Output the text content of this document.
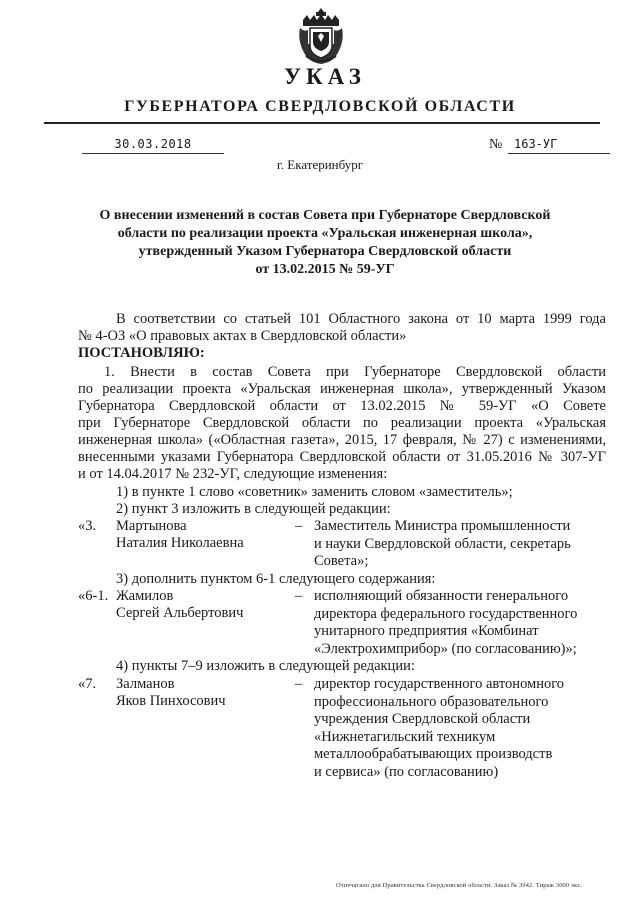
УКАЗ
ГУБЕРНАТОРА СВЕРДЛОВСКОЙ ОБЛАСТИ
30.03.2018	№ 163-УГ
г. Екатеринбург
О внесении изменений в состав Совета при Губернаторе Свердловской
области по реализации проекта «Уральская инженерная школа»,
утвержденный Указом Губернатора Свердловской области
от 13.02.2015 № 59-УГ
В соответствии со статьей 101 Областного закона от 10 марта 1999 года
№ 4-ОЗ «О правовых актах в Свердловской области»
ПОСТАНОВЛЯЮ:
1. Внести в состав Совета при Губернаторе Свердловской области
по реализации проекта «Уральская инженерная школа», утвержденный Указом
Губернатора Свердловской области от 13.02.2015 № 59-УГ «О Совете
при Губернаторе Свердловской области по реализации проекта «Уральская
инженерная школа» («Областная газета», 2015, 17 февраля, № 27) с изменениями,
внесенными указами Губернатора Свердловской области от 31.05.2016 № 307-УГ
и от 14.04.2017 № 232-УГ, следующие изменения:
1) в пункте 1 слово «советник» заменить словом «заместитель»;
2) пункт 3 изложить в следующей редакции:
«3. Мартынова
Наталия Николаевна
– Заместитель Министра промышленности
и науки Свердловской области, секретарь
Совета»;
3) дополнить пунктом 6-1 следующего содержания:
«6-1. Жамилов
Сергей Альбертович
– исполняющий обязанности генерального
директора федерального государственного
унитарного предприятия «Комбинат
«Электрохимприбор» (по согласованию)»;
4) пункты 7–9 изложить в следующей редакции:
«7. Залманов
Яков Пинхосович
– директор государственного автономного
профессионального образовательного
учреждения Свердловской области
«Нижнетагильский техникум
металлообрабатывающих производств
и сервиса» (по согласованию)
Отпечатано для Правительства Свердловской области. Заказ № 3942. Тираж 3000 экз.
